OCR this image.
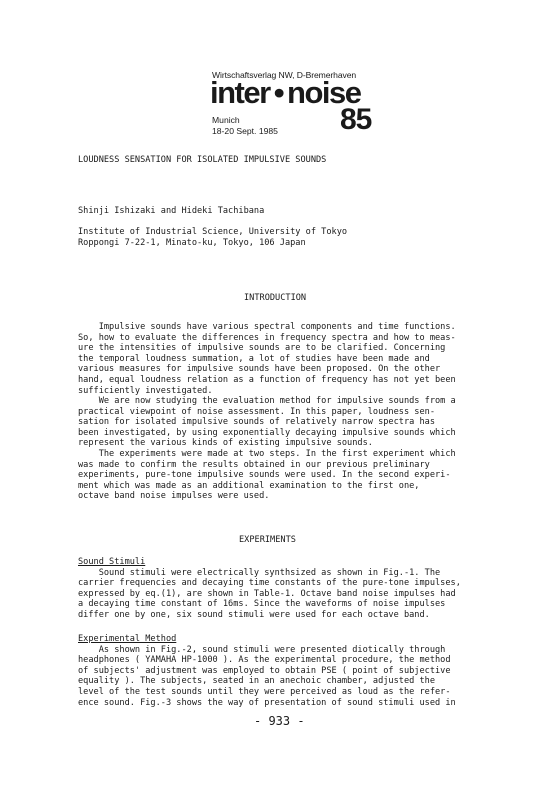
Wirtschaftsverlag NW, D-Bremerhaven
inter • noise
Munich
18-20 Sept. 1985 85
LOUDNESS SENSATION FOR ISOLATED IMPULSIVE SOUNDS
Shinji Ishizaki and Hideki Tachibana
Institute of Industrial Science, University of Tokyo
Roppongi 7-22-1, Minato-ku, Tokyo, 106 Japan
INTRODUCTION
Impulsive sounds have various spectral components and time functions.
So, how to evaluate the differences in frequency spectra and how to meas-
ure the intensities of impulsive sounds are to be clarified. Concerning
the temporal loudness summation, a lot of studies have been made and
various measures for impulsive sounds have been proposed. On the other
hand, equal loudness relation as a function of frequency has not yet been
sufficiently investigated.
We are now studying the evaluation method for impulsive sounds from a
practical viewpoint of noise assessment. In this paper, loudness sen-
sation for isolated impulsive sounds of relatively narrow spectra has
been investigated, by using exponentially decaying impulsive sounds which
represent the various kinds of existing impulsive sounds.
The experiments were made at two steps. In the first experiment which
was made to confirm the results obtained in our previous preliminary
experiments, pure-tone impulsive sounds were used. In the second experi-
ment which was made as an additional examination to the first one,
octave band noise impulses were used.
EXPERIMENTS
Sound Stimuli
Sound stimuli were electrically synthsized as shown in Fig.-1. The
carrier frequencies and decaying time constants of the pure-tone impulses,
expressed by eq.(1), are shown in Table-1. Octave band noise impulses had
a decaying time constant of 16ms. Since the waveforms of noise impulses
differ one by one, six sound stimuli were used for each octave band.
Experimental Method
As shown in Fig.-2, sound stimuli were presented diotically through
headphones ( YAMAHA HP-1000 ). As the experimental procedure, the method
of subjects' adjustment was employed to obtain PSE ( point of subjective
equality ). The subjects, seated in an anechoic chamber, adjusted the
level of the test sounds until they were perceived as loud as the refer-
ence sound. Fig.-3 shows the way of presentation of sound stimuli used in
- 933 -
